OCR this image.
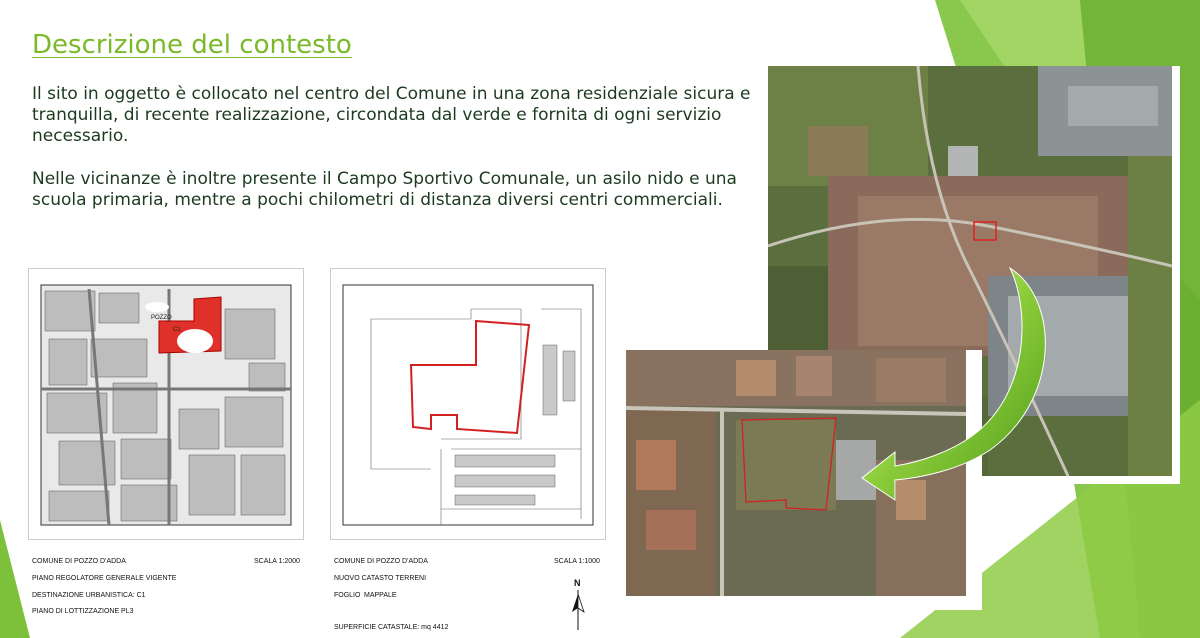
Descrizione del contesto

Il sito in oggetto è collocato nel centro del Comune in una zona residenziale sicura e tranquilla, di recente realizzazione, circondata dal verde e fornita di ogni servizio necessario.

Nelle vicinanze è inoltre presente il Campo Sportivo Comunale, un asilo nido e una scuola primaria, mentre a pochi chilometri di distanza diversi centri commerciali.

POZZO
C1
COMUNE DI POZZO D'ADDA	SCALA 1:2000
PIANO REGOLATORE GENERALE VIGENTE
DESTINAZIONE URBANISTICA: C1
PIANO DI LOTTIZZAZIONE PL3
COMUNE DI POZZO D'ADDA	SCALA 1:1000
NUOVO CATASTO TERRENI
FOGLIO MAPPALE
SUPERFICIE CATASTALE: mq 4412
N
